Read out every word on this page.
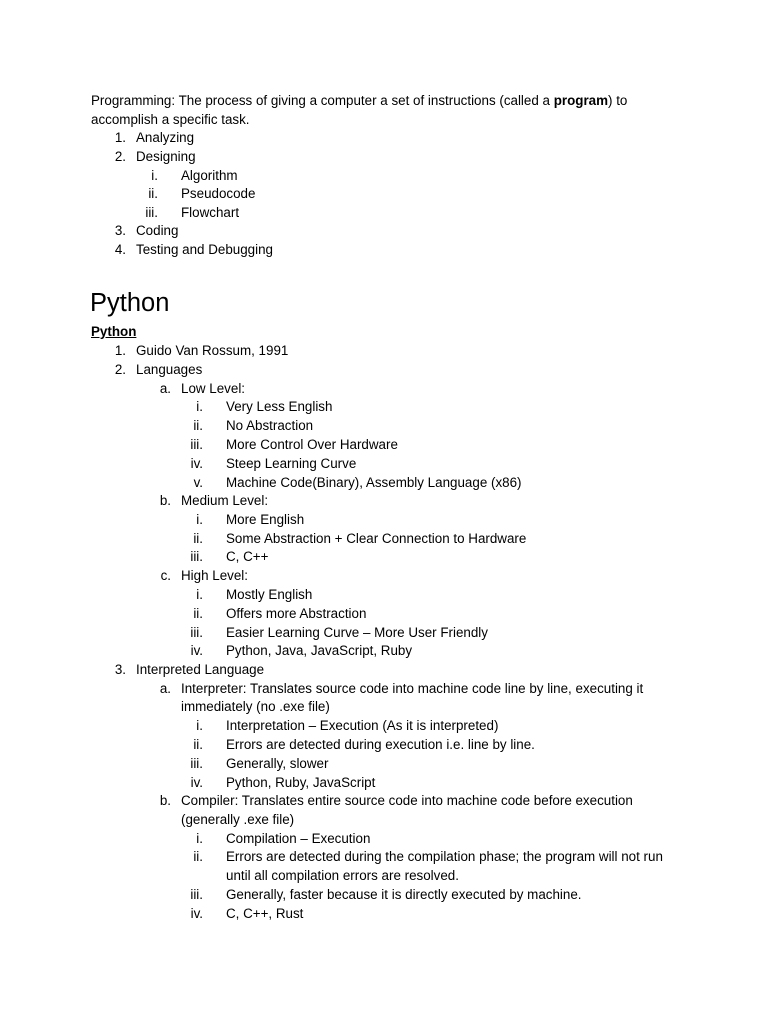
Programming: The process of giving a computer a set of instructions (called a program) to accomplish a specific task.
1. Analyzing
2. Designing
i. Algorithm
ii. Pseudocode
iii. Flowchart
3. Coding
4. Testing and Debugging
Python
Python
1. Guido Van Rossum, 1991
2. Languages
a. Low Level:
i. Very Less English
ii. No Abstraction
iii. More Control Over Hardware
iv. Steep Learning Curve
v. Machine Code(Binary), Assembly Language (x86)
b. Medium Level:
i. More English
ii. Some Abstraction + Clear Connection to Hardware
iii. C, C++
c. High Level:
i. Mostly English
ii. Offers more Abstraction
iii. Easier Learning Curve – More User Friendly
iv. Python, Java, JavaScript, Ruby
3. Interpreted Language
a. Interpreter: Translates source code into machine code line by line, executing it
immediately (no .exe file)
i. Interpretation – Execution (As it is interpreted)
ii. Errors are detected during execution i.e. line by line.
iii. Generally, slower
iv. Python, Ruby, JavaScript
b. Compiler: Translates entire source code into machine code before execution
(generally .exe file)
i. Compilation – Execution
ii. Errors are detected during the compilation phase; the program will not run
until all compilation errors are resolved.
iii. Generally, faster because it is directly executed by machine.
iv. C, C++, Rust
